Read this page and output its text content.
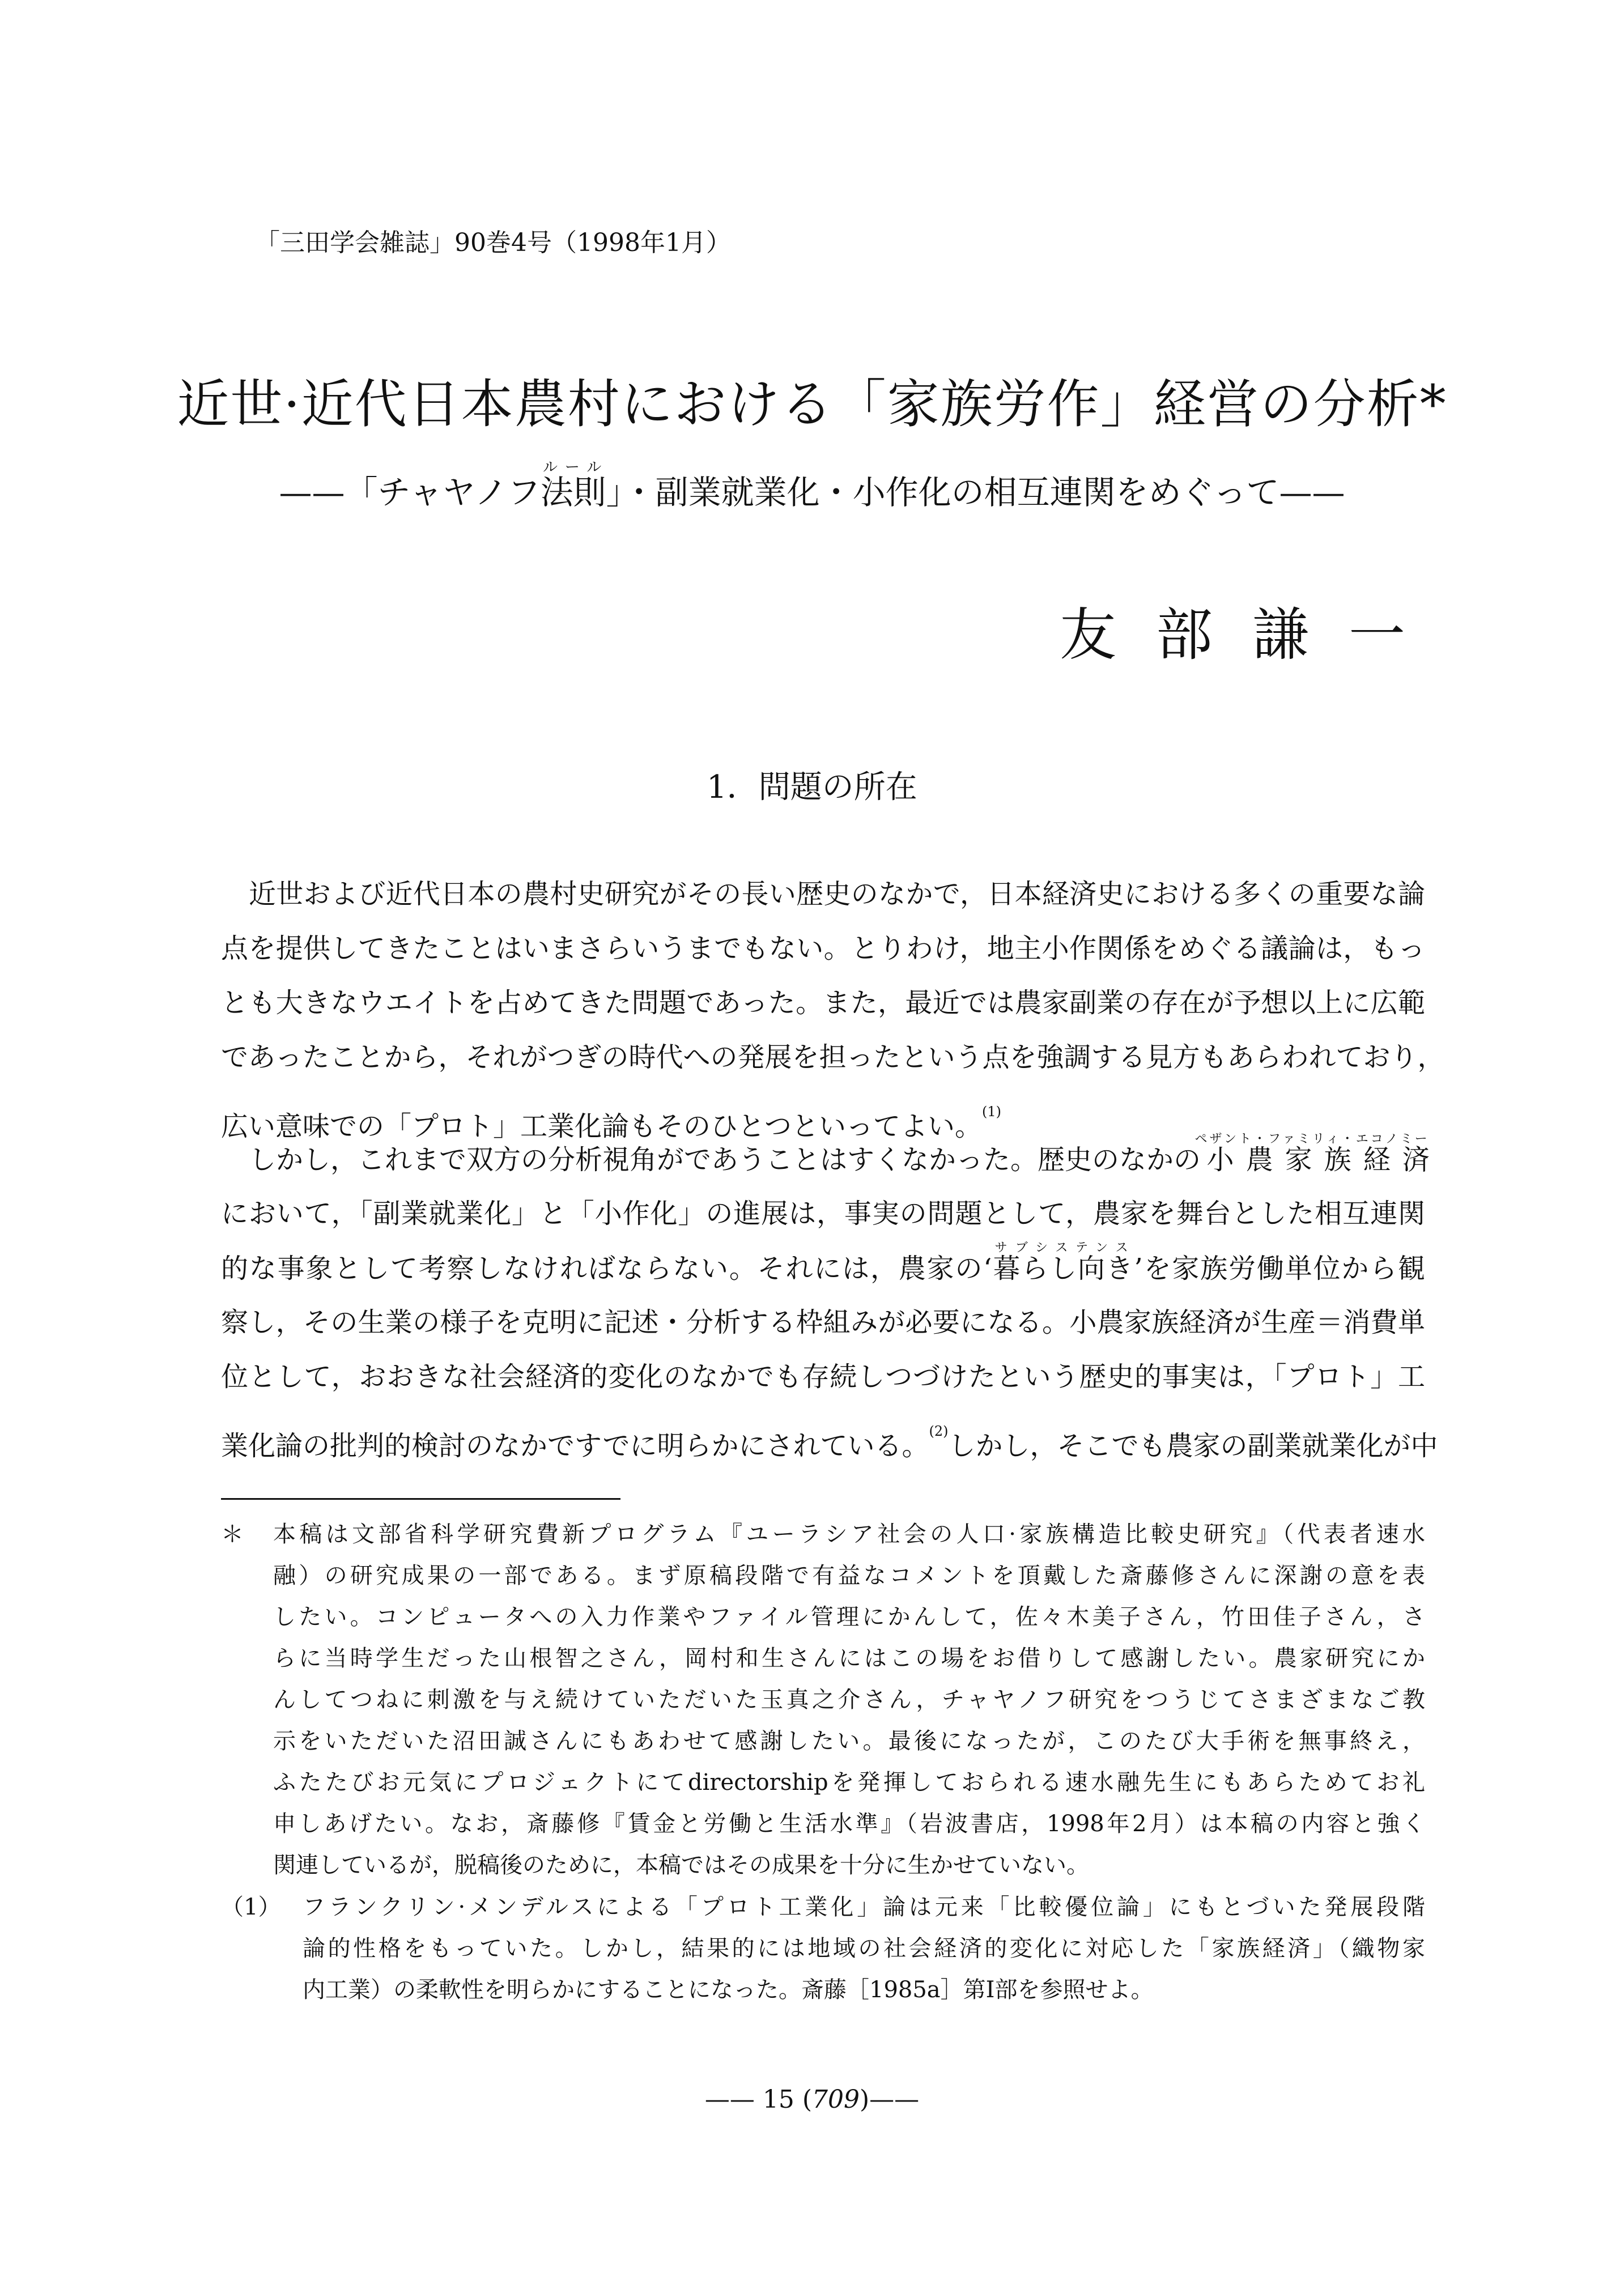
「三田学会雑誌」90巻4号（1998年1月）
近世·近代日本農村における「家族労作」経営の分析*
——「チャヤノフ法則ルール」・副業就業化・小作化の相互連関をめぐって——
友部謙一
1．問題の所在
近世および近代日本の農村史研究がその長い歴史のなかで，日本経済史における多くの重要な論
点を提供してきたことはいまさらいうまでもない。とりわけ，地主小作関係をめぐる議論は，もっ
とも大きなウエイトを占めてきた問題であった。また，最近では農家副業の存在が予想以上に広範
であったことから，それがつぎの時代への発展を担ったという点を強調する見方もあらわれており，
広い意味での「プロト」工業化論もそのひとつといってよい。$^{(1)}$
しかし，これまで双方の分析視角がであうことはすくなかった。歴史のなかの小農家族経済ペザント・ファミリィ・エコノミー
において，「副業就業化」と「小作化」の進展は，事実の問題として，農家を舞台とした相互連関
的な事象として考察しなければならない。それには，農家の‘暮らし向きサブシステンス’を家族労働単位から観
察し，その生業の様子を克明に記述・分析する枠組みが必要になる。小農家族経済が生産＝消費単
位として，おおきな社会経済的変化のなかでも存続しつづけたという歴史的事実は，「プロト」工
業化論の批判的検討のなかですでに明らかにされている。$^{(2)}$しかし，そこでも農家の副業就業化が中
＊ 本稿は文部省科学研究費新プログラム『ユーラシア社会の人口·家族構造比較史研究』（代表者速水
融）の研究成果の一部である。まず原稿段階で有益なコメントを頂戴した斎藤修さんに深謝の意を表
したい。コンピュータへの入力作業やファイル管理にかんして，佐々木美子さん，竹田佳子さん，さ
らに当時学生だった山根智之さん，岡村和生さんにはこの場をお借りして感謝したい。農家研究にか
んしてつねに刺激を与え続けていただいた玉真之介さん，チャヤノフ研究をつうじてさまざまなご教
示をいただいた沼田誠さんにもあわせて感謝したい。最後になったが，このたび大手術を無事終え，
ふたたびお元気にプロジェクトにてdirectorshipを発揮しておられる速水融先生にもあらためてお礼
申しあげたい。なお，斎藤修『賃金と労働と生活水準』（岩波書店，1998年2月）は本稿の内容と強く
関連しているが，脱稿後のために，本稿ではその成果を十分に生かせていない。
（1） フランクリン·メンデルスによる「プロト工業化」論は元来「比較優位論」にもとづいた発展段階
論的性格をもっていた。しかし，結果的には地域の社会経済的変化に対応した「家族経済」（織物家
内工業）の柔軟性を明らかにすることになった。斎藤［1985a］第Ⅰ部を参照せよ。
—— 15 (709)——
